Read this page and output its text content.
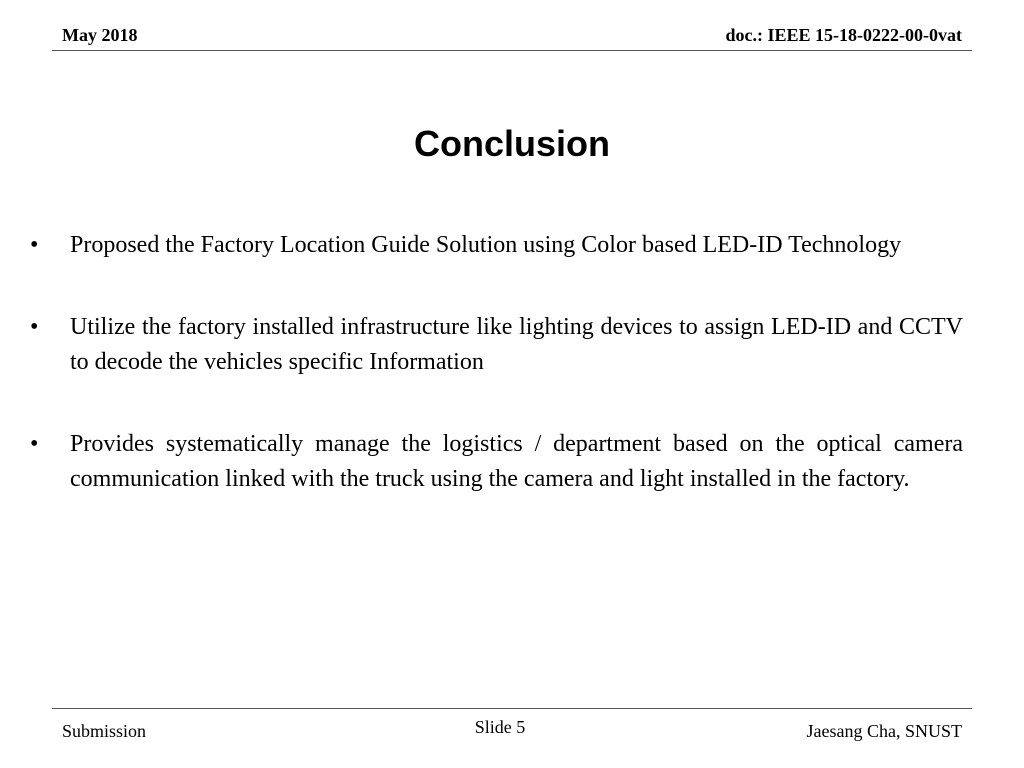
May 2018	doc.: IEEE 15-18-0222-00-0vat
Conclusion
• Proposed the Factory Location Guide Solution using Color based LED-ID Technology
• Utilize the factory installed infrastructure like lighting devices to assign LED-ID and CCTV to decode the vehicles specific Information
• Provides systematically manage the logistics / department based on the optical camera communication linked with the truck using the camera and light installed in the factory.
Submission	Slide 5	Jaesang Cha, SNUST
